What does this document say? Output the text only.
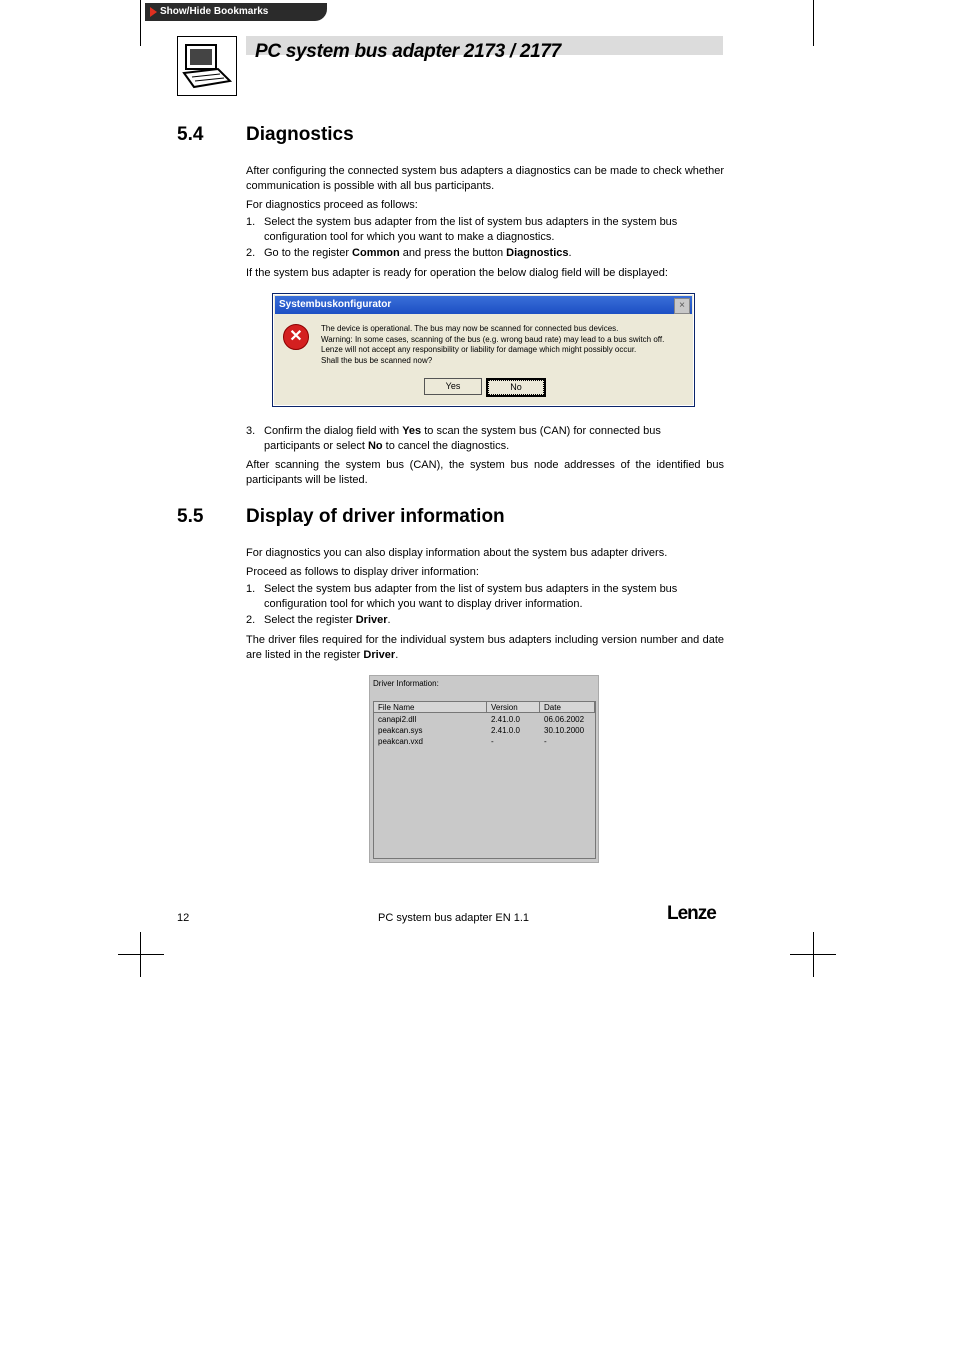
Show/Hide Bookmarks
PC system bus adapter 2173 / 2177
5.4 Diagnostics
After configuring the connected system bus adapters a diagnostics can be made to check whether communication is possible with all bus participants.
For diagnostics proceed as follows:
1. Select the system bus adapter from the list of system bus adapters in the system bus configuration tool for which you want to make a diagnostics.
2. Go to the register Common and press the button Diagnostics.
If the system bus adapter is ready for operation the below dialog field will be displayed:
Systembuskonfigurator	×
✕	The device is operational. The bus may now be scanned for connected bus devices.
Warning: In some cases, scanning of the bus (e.g. wrong baud rate) may lead to a bus switch off.
Lenze will not accept any responsibility or liability for damage which might possibly occur.
Shall the bus be scanned now?
Yes	No
3. Confirm the dialog field with Yes to scan the system bus (CAN) for connected bus participants or select No to cancel the diagnostics.
After scanning the system bus (CAN), the system bus node addresses of the identified bus participants will be listed.
5.5 Display of driver information
For diagnostics you can also display information about the system bus adapter drivers.
Proceed as follows to display driver information:
1. Select the system bus adapter from the list of system bus adapters in the system bus configuration tool for which you want to display driver information.
2. Select the register Driver.
The driver files required for the individual system bus adapters including version number and date are listed in the register Driver.
Driver Information:
File Name	Version	Date
canapi2.dll	2.41.0.0	06.06.2002
peakcan.sys	2.41.0.0	30.10.2000
peakcan.vxd	-	-
12	PC system bus adapter EN 1.1	Lenze
